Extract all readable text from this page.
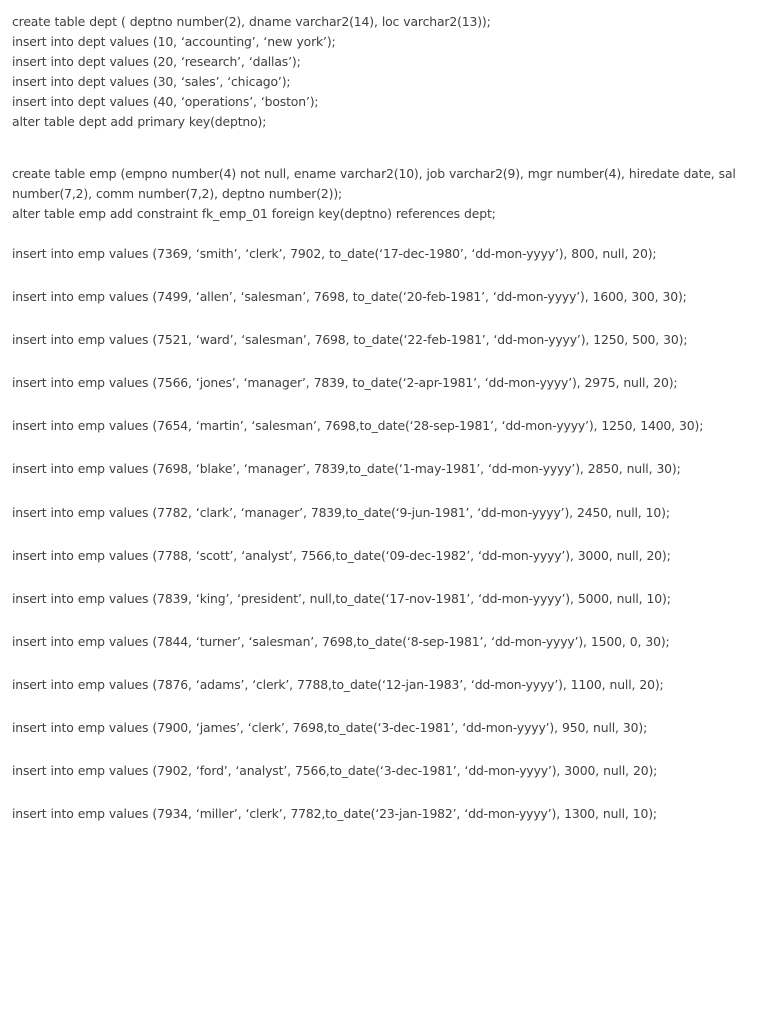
create table dept ( deptno number(2), dname varchar2(14), loc varchar2(13));
insert into dept values (10, ‘accounting’, ‘new york’);
insert into dept values (20, ‘research’, ‘dallas’);
insert into dept values (30, ‘sales’, ‘chicago’);
insert into dept values (40, ‘operations’, ‘boston’);
alter table dept add primary key(deptno);
create table emp (empno number(4) not null, ename varchar2(10), job varchar2(9), mgr number(4), hiredate date, sal
number(7,2), comm number(7,2), deptno number(2));
alter table emp add constraint fk_emp_01 foreign key(deptno) references dept;
insert into emp values (7369, ‘smith’, ‘clerk’, 7902, to_date(‘17-dec-1980’, ‘dd-mon-yyyy’), 800, null, 20);
insert into emp values (7499, ‘allen’, ‘salesman’, 7698, to_date(‘20-feb-1981’, ‘dd-mon-yyyy’), 1600, 300, 30);
insert into emp values (7521, ‘ward’, ‘salesman’, 7698, to_date(‘22-feb-1981’, ‘dd-mon-yyyy’), 1250, 500, 30);
insert into emp values (7566, ‘jones’, ‘manager’, 7839, to_date(‘2-apr-1981’, ‘dd-mon-yyyy’), 2975, null, 20);
insert into emp values (7654, ‘martin’, ‘salesman’, 7698,to_date(‘28-sep-1981’, ‘dd-mon-yyyy’), 1250, 1400, 30);
insert into emp values (7698, ‘blake’, ‘manager’, 7839,to_date(‘1-may-1981’, ‘dd-mon-yyyy’), 2850, null, 30);
insert into emp values (7782, ‘clark’, ‘manager’, 7839,to_date(‘9-jun-1981’, ‘dd-mon-yyyy’), 2450, null, 10);
insert into emp values (7788, ‘scott’, ‘analyst’, 7566,to_date(‘09-dec-1982’, ‘dd-mon-yyyy’), 3000, null, 20);
insert into emp values (7839, ‘king’, ‘president’, null,to_date(‘17-nov-1981’, ‘dd-mon-yyyy’), 5000, null, 10);
insert into emp values (7844, ‘turner’, ‘salesman’, 7698,to_date(‘8-sep-1981’, ‘dd-mon-yyyy’), 1500, 0, 30);
insert into emp values (7876, ‘adams’, ‘clerk’, 7788,to_date(‘12-jan-1983’, ‘dd-mon-yyyy’), 1100, null, 20);
insert into emp values (7900, ‘james’, ‘clerk’, 7698,to_date(‘3-dec-1981’, ‘dd-mon-yyyy’), 950, null, 30);
insert into emp values (7902, ‘ford’, ‘analyst’, 7566,to_date(‘3-dec-1981’, ‘dd-mon-yyyy’), 3000, null, 20);
insert into emp values (7934, ‘miller’, ‘clerk’, 7782,to_date(‘23-jan-1982’, ‘dd-mon-yyyy’), 1300, null, 10);
